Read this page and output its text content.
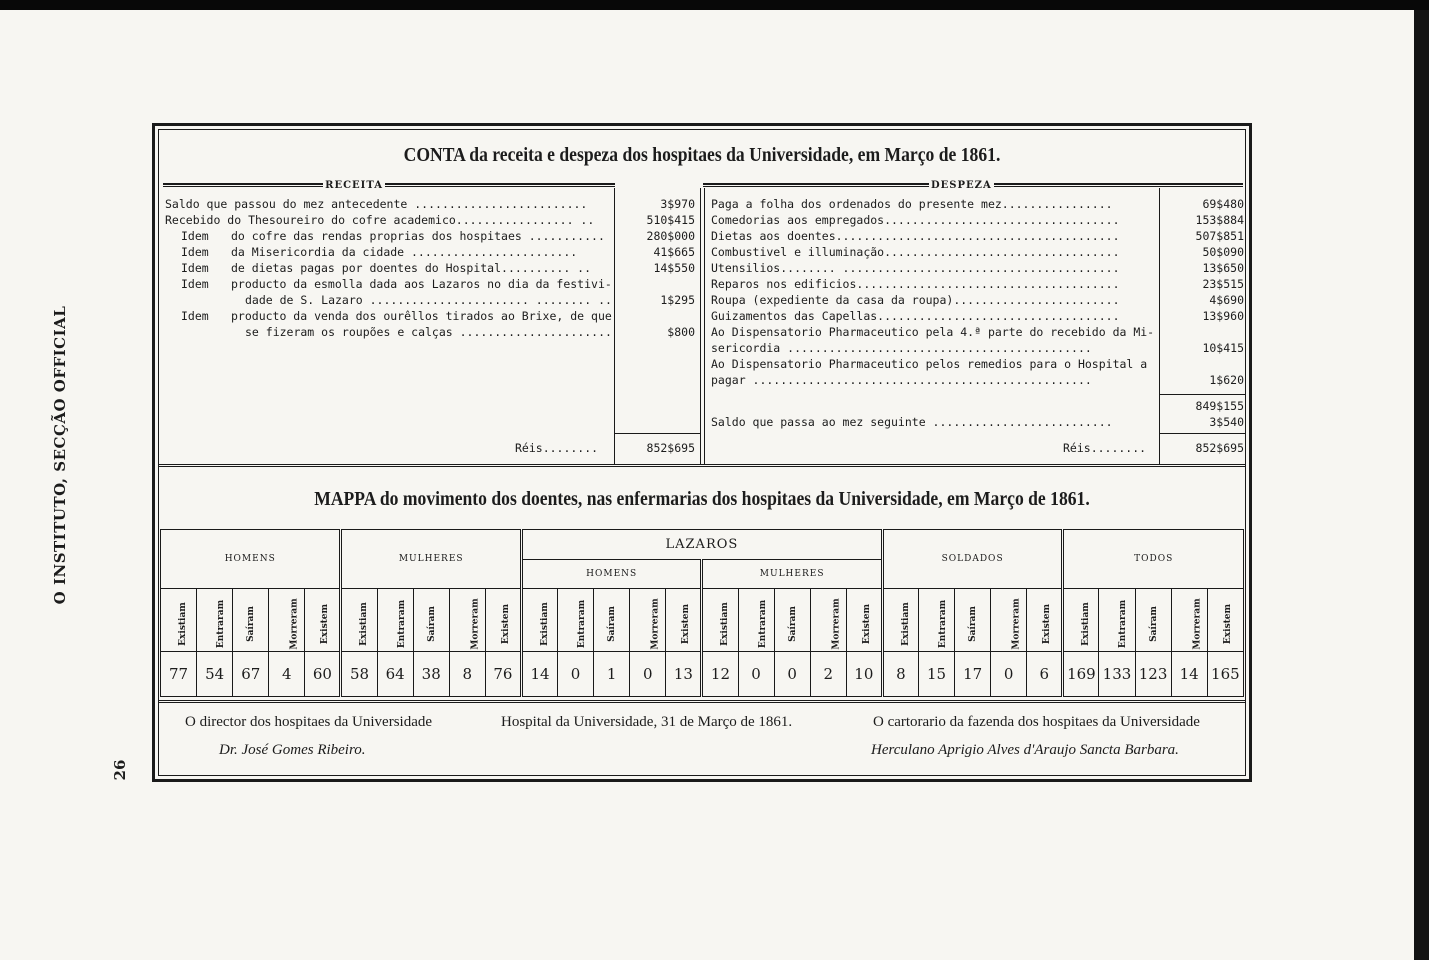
O INSTITUTO, SECÇÃO OFFICIAL
26
CONTA da receita e despeza dos hospitaes da Universidade, em Março de 1861.
RECEITA	DESPEZA
Saldo que passou do mez antecedente .........................	3$970
Recebido do Thesoureiro do cofre academico................. ..	510$415
Idem do cofre das rendas proprias dos hospitaes ...........	280$000
Idem da Misericordia da cidade ........................	41$665
Idem de dietas pagas por doentes do Hospital.......... ..	14$550
Idem producto da esmolla dada aos Lazaros no dia da festivi-
dade de S. Lazaro ....................... ........ ..	1$295
Idem producto da venda dos ourêllos tirados ao Brixe, de que
se fizeram os roupões e calças ......................	$800
Réis........	852$695
Paga a folha dos ordenados do presente mez................	69$480
Comedorias aos empregados..................................	153$884
Dietas aos doentes.........................................	507$851
Combustivel e illuminação..................................	50$090
Utensilios........ ........................................	13$650
Reparos nos edificios......................................	23$515
Roupa (expediente da casa da roupa)........................	4$690
Guizamentos das Capellas...................................	13$960
Ao Dispensatorio Pharmaceutico pela 4.ª parte do recebido da Mi-
sericordia ............................................	10$415
Ao Dispensatorio Pharmaceutico pelos remedios para o Hospital a
pagar .................................................	1$620
849$155
Saldo que passa ao mez seguinte ..........................	3$540
Réis........	852$695
MAPPA do movimento dos doentes, nas enfermarias dos hospitaes da Universidade, em Março de 1861.
HOMENS					MULHERES					LAZAROS										SOLDADOS					TODOS				
										HOMENS					MULHERES														
Existiam	Entraram	Saíram	Morreram	Existem	Existiam	Entraram	Saíram	Morreram	Existem	Existiam	Entraram	Saíram	Morreram	Existem	Existiam	Entraram	Saíram	Morreram	Existem	Existiam	Entraram	Saíram	Morreram	Existem	Existiam	Entraram	Saíram	Morreram	Existem
77	54	67	4	60	58	64	38	8	76	14	0	1	0	13	12	0	0	2	10	8	15	17	0	6	169	133	123	14	165
O director dos hospitaes da Universidade
Dr. José Gomes Ribeiro.
Hospital da Universidade, 31 de Março de 1861.	O cartorario da fazenda dos hospitaes da Universidade
Herculano Aprigio Alves d'Araujo Sancta Barbara.
